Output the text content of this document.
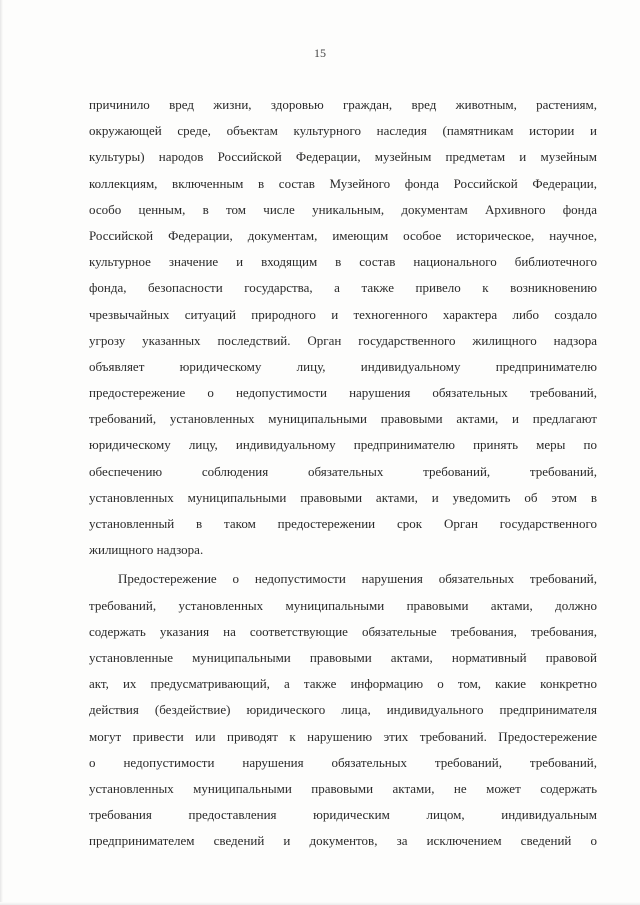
15
причинило вред жизни, здоровью граждан, вред животным, растениям,
окружающей среде, объектам культурного наследия (памятникам истории и
культуры) народов Российской Федерации, музейным предметам и музейным
коллекциям, включенным в состав Музейного фонда Российской Федерации,
особо ценным, в том числе уникальным, документам Архивного фонда
Российской Федерации, документам, имеющим особое историческое, научное,
культурное значение и входящим в состав национального библиотечного
фонда, безопасности государства, а также привело к возникновению
чрезвычайных ситуаций природного и техногенного характера либо создало
угрозу указанных последствий. Орган государственного жилищного надзора
объявляет юридическому лицу, индивидуальному предпринимателю
предостережение о недопустимости нарушения обязательных требований,
требований, установленных муниципальными правовыми актами, и предлагают
юридическому лицу, индивидуальному предпринимателю принять меры по
обеспечению соблюдения обязательных требований, требований,
установленных муниципальными правовыми актами, и уведомить об этом в
установленный в таком предостережении срок Орган государственного
жилищного надзора.
Предостережение о недопустимости нарушения обязательных требований,
требований, установленных муниципальными правовыми актами, должно
содержать указания на соответствующие обязательные требования, требования,
установленные муниципальными правовыми актами, нормативный правовой
акт, их предусматривающий, а также информацию о том, какие конкретно
действия (бездействие) юридического лица, индивидуального предпринимателя
могут привести или приводят к нарушению этих требований. Предостережение
о недопустимости нарушения обязательных требований, требований,
установленных муниципальными правовыми актами, не может содержать
требования предоставления юридическим лицом, индивидуальным
предпринимателем сведений и документов, за исключением сведений о
